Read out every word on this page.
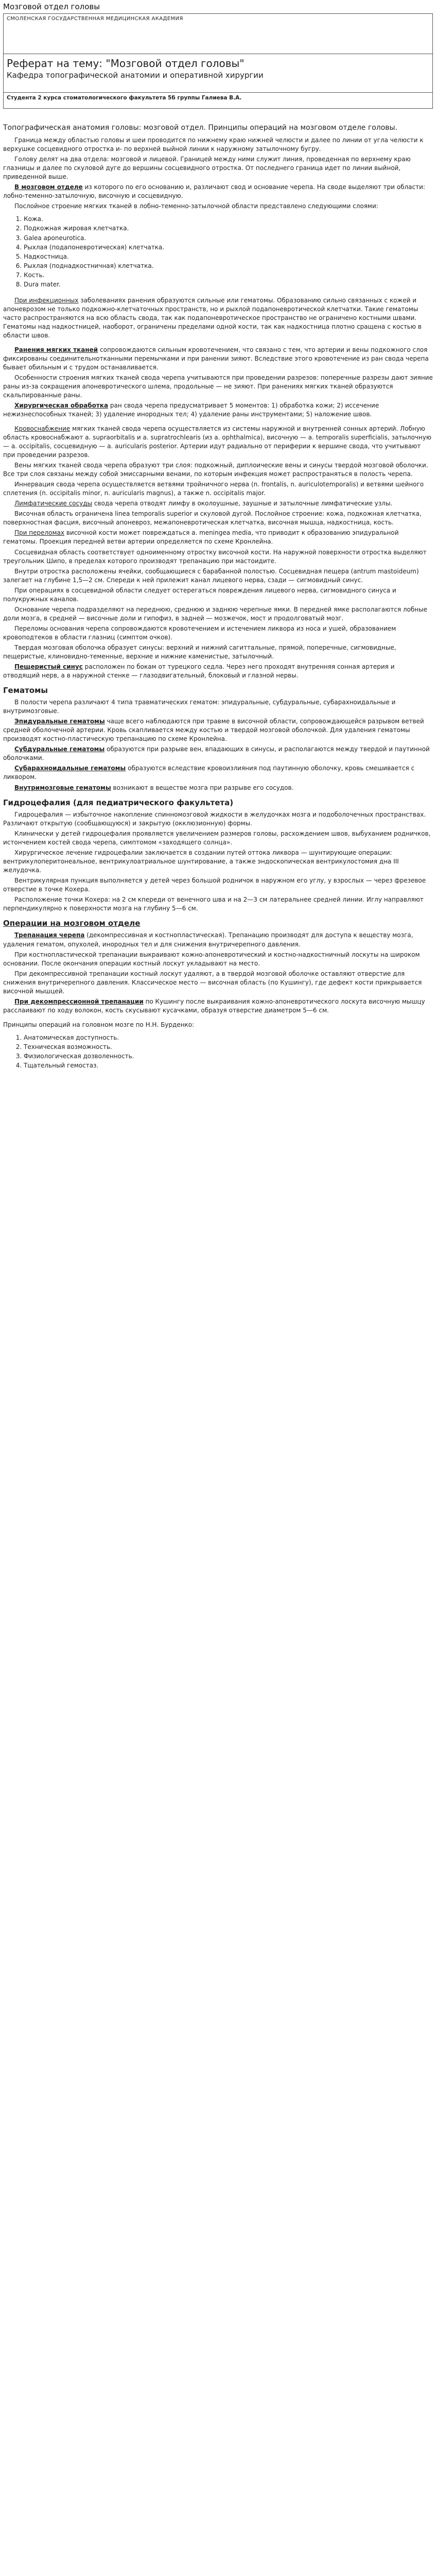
Мозговой отдел головы
СМОЛЕНСКАЯ ГОСУДАРСТВЕННАЯ МЕДИЦИНСКАЯ АКАДЕМИЯ
Реферат на тему: "Мозговой отдел головы"
Кафедра топографической анатомии и оперативной хирургии
Студента 2 курса стоматологического факультета 5б группы Галиева В.А.
Топографическая анатомия головы: мозговой отдел. Принципы операций на мозговом отделе головы.

Граница между областью головы и шеи проводится по нижнему краю нижней челюсти и далее по линии от угла челюсти к верхушке сосцевидного отростка и- по верхней выйной линии к наружному затылочному бугру.

Голову делят на два отдела: мозговой и лицевой. Границей между ними служит линия, проведенная по верхнему краю глазницы и далее по скуловой дуге до вершины сосцевидного отростка. От последнего граница идет по линии выйной, приведенной выше.

В мозговом отделе из которого по его основанию и, различают свод и основание черепа. На своде выделяют три области: лобно-теменно-затылочную, височную и сосцевидную.

Послойное строение мягких тканей в лобно-теменно-затылочной области представлено следующими слоями:

1. Кожа.
2. Подкожная жировая клетчатка.
3. Galea aponeurotica.
4. Рыхлая (подапоневротическая) клетчатка.
5. Надкостница.
6. Рыхлая (поднадкостничная) клетчатка.
7. Кость.
8. Dura mater.

При инфекционных заболеваниях ранения образуются сильные или гематомы. Образованию сильно связанных с кожей и апоневрозом не только подкожно-клетчаточных пространств, но и рыхлой подапоневротической клетчатки. Такие гематомы часто распространяются на всю область свода, так как подапоневротическое пространство не ограничено костными швами. Гематомы над надкостницей, наоборот, ограничены пределами одной кости, так как надкостница плотно сращена с костью в области швов.

Ранения мягких тканей сопровождаются сильным кровотечением, что связано с тем, что артерии и вены подкожного слоя фиксированы соединительнотканными перемычками и при ранении зияют. Вследствие этого кровотечение из ран свода черепа бывает обильным и с трудом останавливается.

Особенности строения мягких тканей свода черепа учитываются при проведении разрезов: поперечные разрезы дают зияние раны из-за сокращения апоневротического шлема, продольные — не зияют. При ранениях мягких тканей образуются скальпированные раны.

Хирургическая обработка ран свода черепа предусматривает 5 моментов: 1) обработка кожи; 2) иссечение нежизнеспособных тканей; 3) удаление инородных тел; 4) удаление раны инструментами; 5) наложение швов.

Кровоснабжение мягких тканей свода черепа осуществляется из системы наружной и внутренней сонных артерий. Лобную область кровоснабжают a. supraorbitalis и a. supratrochlearis (из a. ophthalmica), височную — a. temporalis superficialis, затылочную — a. occipitalis, сосцевидную — a. auricularis posterior. Артерии идут радиально от периферии к вершине свода, что учитывают при проведении разрезов.

Вены мягких тканей свода черепа образуют три слоя: подкожный, диплоические вены и синусы твердой мозговой оболочки. Все три слоя связаны между собой эмиссарными венами, по которым инфекция может распространяться в полость черепа.

Иннервация свода черепа осуществляется ветвями тройничного нерва (n. frontalis, n. auriculotemporalis) и ветвями шейного сплетения (n. occipitalis minor, n. auricularis magnus), а также n. occipitalis major.

Лимфатические сосуды свода черепа отводят лимфу в околоушные, заушные и затылочные лимфатические узлы.

Височная область ограничена linea temporalis superior и скуловой дугой. Послойное строение: кожа, подкожная клетчатка, поверхностная фасция, височный апоневроз, межапоневротическая клетчатка, височная мышца, надкостница, кость.

При переломах височной кости может повреждаться a. meningea media, что приводит к образованию эпидуральной гематомы. Проекция передней ветви артерии определяется по схеме Кронлейна.

Сосцевидная область соответствует одноименному отростку височной кости. На наружной поверхности отростка выделяют треугольник Шипо, в пределах которого производят трепанацию при мастоидите.

Внутри отростка расположены ячейки, сообщающиеся с барабанной полостью. Сосцевидная пещера (antrum mastoideum) залегает на глубине 1,5—2 см. Спереди к ней прилежит канал лицевого нерва, сзади — сигмовидный синус.

При операциях в сосцевидной области следует остерегаться повреждения лицевого нерва, сигмовидного синуса и полукружных каналов.

Основание черепа подразделяют на переднюю, среднюю и заднюю черепные ямки. В передней ямке располагаются лобные доли мозга, в средней — височные доли и гипофиз, в задней — мозжечок, мост и продолговатый мозг.

Переломы основания черепа сопровождаются кровотечением и истечением ликвора из носа и ушей, образованием кровоподтеков в области глазниц (симптом очков).

Твердая мозговая оболочка образует синусы: верхний и нижний сагиттальные, прямой, поперечные, сигмовидные, пещеристые, клиновидно-теменные, верхние и нижние каменистые, затылочный.

Пещеристый синус расположен по бокам от турецкого седла. Через него проходят внутренняя сонная артерия и отводящий нерв, а в наружной стенке — глазодвигательный, блоковый и глазной нервы.

Гематомы

В полости черепа различают 4 типа травматических гематом: эпидуральные, субдуральные, субарахноидальные и внутримозговые.

Эпидуральные гематомы чаще всего наблюдаются при травме в височной области, сопровождающейся разрывом ветвей средней оболочечной артерии. Кровь скапливается между костью и твердой мозговой оболочкой. Для удаления гематомы производят костно-пластическую трепанацию по схеме Кронлейна.

Субдуральные гематомы образуются при разрыве вен, впадающих в синусы, и располагаются между твердой и паутинной оболочками.

Субарахноидальные гематомы образуются вследствие кровоизлияния под паутинную оболочку, кровь смешивается с ликвором.

Внутримозговые гематомы возникают в веществе мозга при разрыве его сосудов.

Гидроцефалия (для педиатрического факультета)

Гидроцефалия — избыточное накопление спинномозговой жидкости в желудочках мозга и подоболочечных пространствах. Различают открытую (сообщающуюся) и закрытую (окклюзионную) формы.

Клинически у детей гидроцефалия проявляется увеличением размеров головы, расхождением швов, выбуханием родничков, истончением костей свода черепа, симптомом «заходящего солнца».

Хирургическое лечение гидроцефалии заключается в создании путей оттока ликвора — шунтирующие операции: вентрикулоперитонеальное, вентрикулоатриальное шунтирование, а также эндоскопическая вентрикулостомия дна III желудочка.

Вентрикулярная пункция выполняется у детей через большой родничок в наружном его углу, у взрослых — через фрезевое отверстие в точке Кохера.

Расположение точки Кохера: на 2 см кпереди от венечного шва и на 2—3 см латеральнее средней линии. Иглу направляют перпендикулярно к поверхности мозга на глубину 5—6 см.

Операции на мозговом отделе

Трепанация черепа (декомпрессивная и костнопластическая). Трепанацию производят для доступа к веществу мозга, удаления гематом, опухолей, инородных тел и для снижения внутричерепного давления.

При костнопластической трепанации выкраивают кожно-апоневротический и костно-надкостничный лоскуты на широком основании. После окончания операции костный лоскут укладывают на место.

При декомпрессивной трепанации костный лоскут удаляют, а в твердой мозговой оболочке оставляют отверстие для снижения внутричерепного давления. Классическое место — височная область (по Кушингу), где дефект кости прикрывается височной мышцей.

При декомпрессионной трепанации по Кушингу после выкраивания кожно-апоневротического лоскута височную мышцу расслаивают по ходу волокон, кость скусывают кусачками, образуя отверстие диаметром 5—6 см.

Принципы операций на головном мозге по Н.Н. Бурденко:

1. Анатомическая доступность.
2. Техническая возможность.
3. Физиологическая дозволенность.
4. Тщательный гемостаз.
